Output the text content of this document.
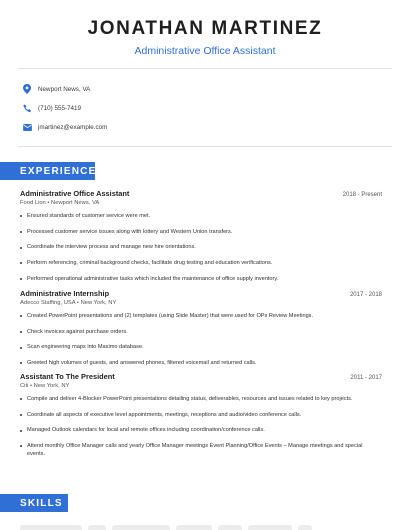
JONATHAN MARTINEZ
Administrative Office Assistant
Newport News, VA
(710) 555-7419
jmartinez@example.com
EXPERIENCE
Administrative Office Assistant	2018 - Present
Food Lion • Newport News, VA
Ensured standards of customer service were met.
Processed customer service issues along with lottery and Western Union transfers.
Coordinate the interview process and manage new hire orientations.
Perform referencing, criminal background checks, facilitate drug testing and education verifications.
Performed operational administrative tasks which included the maintenance of office supply inventory.
Administrative Internship	2017 - 2018
Adecco Staffing, USA • New York, NY
Created PowerPoint presentations and (2) templates (using Slide Master) that were used for OPs Review Meetings.
Check invoices against purchase orders.
Scan engineering maps into Maximo database.
Greeted high volumes of guests, and answered phones, filtered voicemail and returned calls.
Assistant To The President	2011 - 2017
Citi • New York, NY
Compile and deliver 4-Blocker PowerPoint presentations detailing status, deliverables, resources and issues related to key projects.
Coordinate all aspects of executive level appointments, meetings, receptions and audio/video conference calls.
Managed Outlook calendars for local and remote offices including coordination/conference calls.
Attend monthly Office Manager calls and yearly Office Manager meetings Event Planning/Office Events – Manage meetings and special events.
SKILLS
